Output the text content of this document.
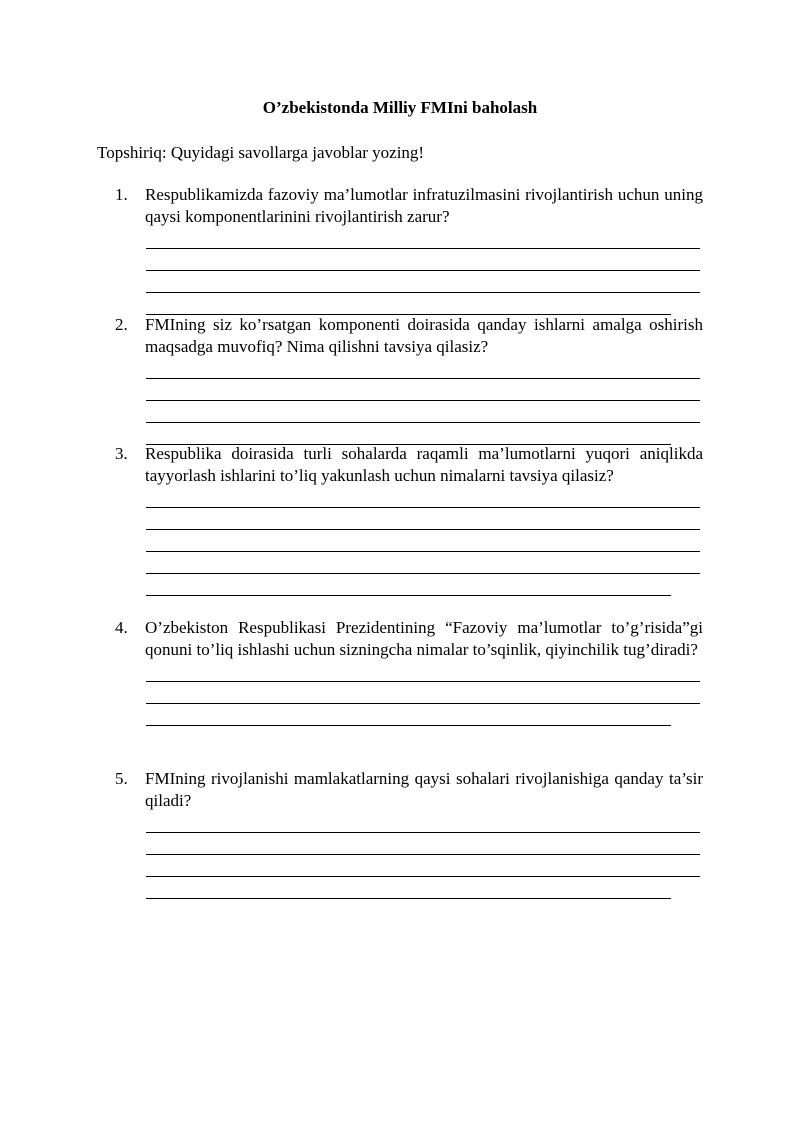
O’zbekistonda Milliy FMIni baholash
Topshiriq: Quyidagi savollarga javoblar yozing!
1.	Respublikamizda fazoviy ma’lumotlar infratuzilmasini rivojlantirish uchun uning qaysi komponentlarinini rivojlantirish zarur?
2.	FMIning siz ko’rsatgan komponenti doirasida qanday ishlarni amalga oshirish maqsadga muvofiq? Nima qilishni tavsiya qilasiz?
3.	Respublika doirasida turli sohalarda raqamli ma’lumotlarni yuqori aniqlikda tayyorlash ishlarini to’liq yakunlash uchun nimalarni tavsiya qilasiz?
4.	O’zbekiston Respublikasi Prezidentining “Fazoviy ma’lumotlar to’g’risida”gi qonuni to’liq ishlashi uchun sizningcha nimalar to’sqinlik, qiyinchilik tug’diradi?
5.	FMIning rivojlanishi mamlakatlarning qaysi sohalari rivojlanishiga qanday ta’sir qiladi?
